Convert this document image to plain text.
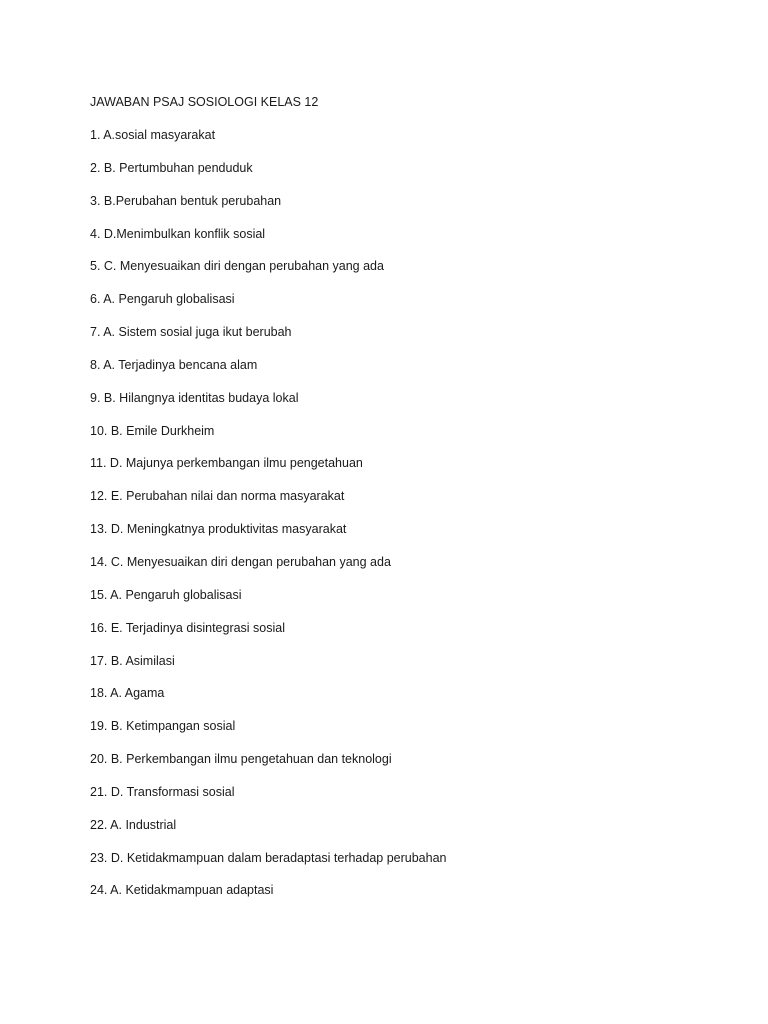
JAWABAN PSAJ SOSIOLOGI KELAS 12
1. A.sosial masyarakat
2. B. Pertumbuhan penduduk
3. B.Perubahan bentuk perubahan
4. D.Menimbulkan konflik sosial
5. C. Menyesuaikan diri dengan perubahan yang ada
6. A. Pengaruh globalisasi
7. A. Sistem sosial juga ikut berubah
8. A. Terjadinya bencana alam
9. B. Hilangnya identitas budaya lokal
10. B. Emile Durkheim
11. D. Majunya perkembangan ilmu pengetahuan
12. E. Perubahan nilai dan norma masyarakat
13. D. Meningkatnya produktivitas masyarakat
14. C. Menyesuaikan diri dengan perubahan yang ada
15. A. Pengaruh globalisasi
16. E. Terjadinya disintegrasi sosial
17. B. Asimilasi
18. A. Agama
19. B. Ketimpangan sosial
20. B. Perkembangan ilmu pengetahuan dan teknologi
21. D. Transformasi sosial
22. A. Industrial
23. D. Ketidakmampuan dalam beradaptasi terhadap perubahan
24. A. Ketidakmampuan adaptasi
